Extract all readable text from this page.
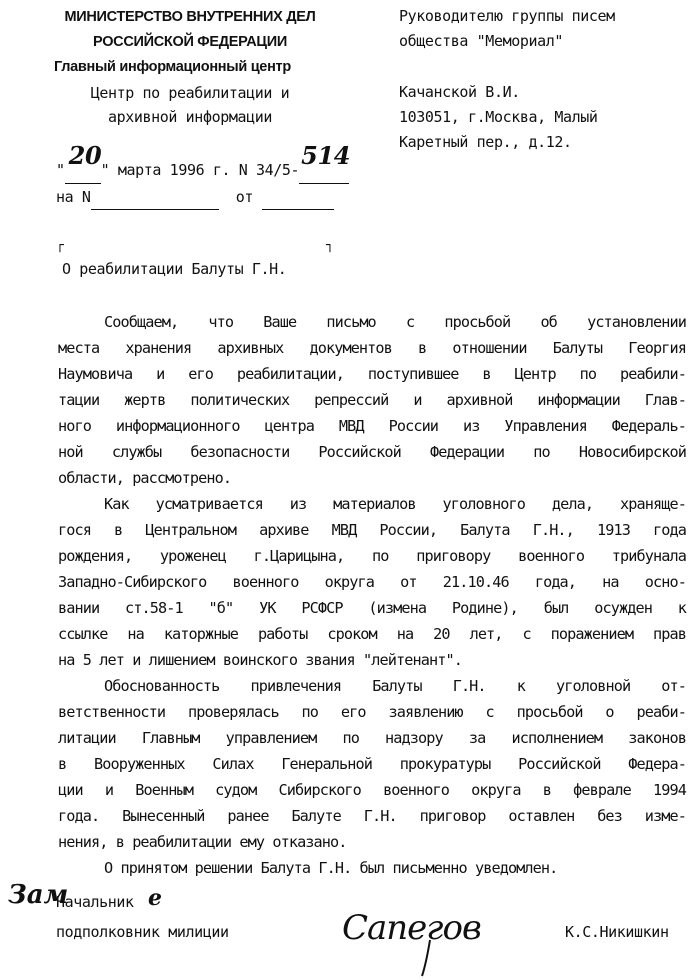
МИНИСТЕРСТВО ВНУТРЕННИХ ДЕЛ
РОССИЙСКОЙ ФЕДЕРАЦИИ
Главный информационный центр
Центр по реабилитации и
архивной информации
Руководителю группы писем
общества "Мемориал"
Качанской В.И.
103051, г.Москва, Малый
Каретный пер., д.12.
" 20 " марта 1996 г. N 34/5- 514

на N	от
┌	┐
О реабилитации Балуты Г.Н.
Сообщаем, что Ваше письмо с просьбой об установлении
места хранения архивных документов в отношении Балуты Георгия
Наумовича и его реабилитации, поступившее в Центр по реабили-
тации жертв политических репрессий и архивной информации Глав-
ного информационного центра МВД России из Управления Федераль-
ной службы безопасности Российской Федерации по Новосибирской
области, рассмотрено.
Как усматривается из материалов уголовного дела, хранящe-
гося в Центральном архиве МВД России, Балута Г.Н., 1913 года
рождения, уроженец г.Царицына, по приговору военного трибунала
Западно-Сибирского военного округа от 21.10.46 года, на осно-
вании ст.58-1 "б" УК РСФСР (измена Родине), был осужден к
ссылке на каторжные работы сроком на 20 лет, с поражением прав
на 5 лет и лишением воинского звания "лейтенант".
Обоснованность привлечения Балуты Г.Н. к уголовной от-
ветственности проверялась по его заявлению с просьбой о реаби-
литации Главным управлением по надзору за исполнением законов
в Вооруженных Силах Генеральной прокуратуры Российской Федера-
ции и Военным судом Сибирского военного округа в феврале 1994
года. Вынесенный ранее Балуте Г.Н. приговор оставлен без изме-
нения, в реабилитации ему отказано.
О принятом решении Балута Г.Н. был письменно уведомлен.
Зам
Начальник е
подполковник милиции	Сапегов	К.С.Никишкин
